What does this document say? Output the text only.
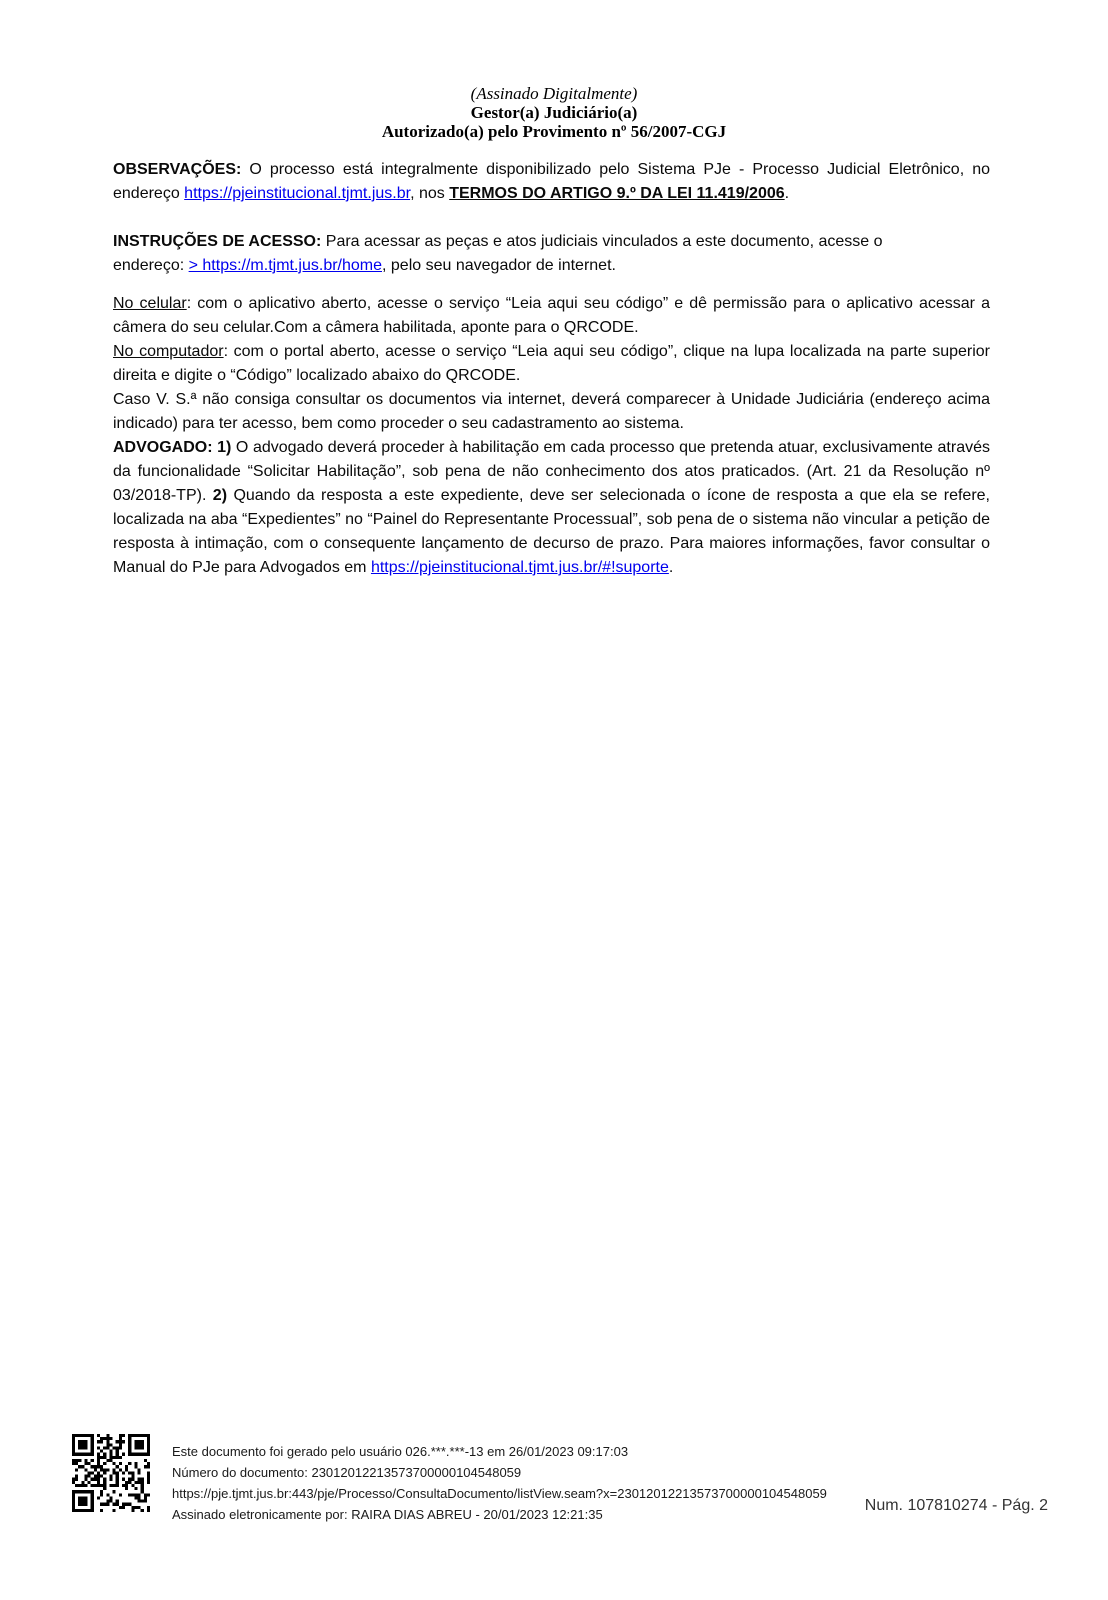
(Assinado Digitalmente)
Gestor(a) Judiciário(a)
Autorizado(a) pelo Provimento nº 56/2007-CGJ

OBSERVAÇÕES: O processo está integralmente disponibilizado pelo Sistema PJe - Processo Judicial Eletrônico, no endereço https://pjeinstitucional.tjmt.jus.br, nos TERMOS DO ARTIGO 9.º DA LEI 11.419/2006.

INSTRUÇÕES DE ACESSO: Para acessar as peças e atos judiciais vinculados a este documento, acesse o
endereço: > https://m.tjmt.jus.br/home, pelo seu navegador de internet.

No celular: com o aplicativo aberto, acesse o serviço “Leia aqui seu código” e dê permissão para o aplicativo acessar a câmera do seu celular.Com a câmera habilitada, aponte para o QRCODE.

No computador: com o portal aberto, acesse o serviço “Leia aqui seu código”, clique na lupa localizada na parte superior direita e digite o “Código” localizado abaixo do QRCODE.

Caso V. S.ª não consiga consultar os documentos via internet, deverá comparecer à Unidade Judiciária (endereço acima indicado) para ter acesso, bem como proceder o seu cadastramento ao sistema.

ADVOGADO: 1) O advogado deverá proceder à habilitação em cada processo que pretenda atuar, exclusivamente através da funcionalidade “Solicitar Habilitação”, sob pena de não conhecimento dos atos praticados. (Art. 21 da Resolução nº 03/2018-TP). 2) Quando da resposta a este expediente, deve ser selecionada o ícone de resposta a que ela se refere, localizada na aba “Expedientes” no “Painel do Representante Processual”, sob pena de o sistema não vincular a petição de resposta à intimação, com o consequente lançamento de decurso de prazo. Para maiores informações, favor consultar o Manual do PJe para Advogados em https://pjeinstitucional.tjmt.jus.br/#!suporte.

Este documento foi gerado pelo usuário 026.***.***-13 em 26/01/2023 09:17:03
Número do documento: 23012012213573700000104548059
https://pje.tjmt.jus.br:443/pje/Processo/ConsultaDocumento/listView.seam?x=23012012213573700000104548059
Assinado eletronicamente por: RAIRA DIAS ABREU - 20/01/2023 12:21:35
Num. 107810274 - Pág. 2
